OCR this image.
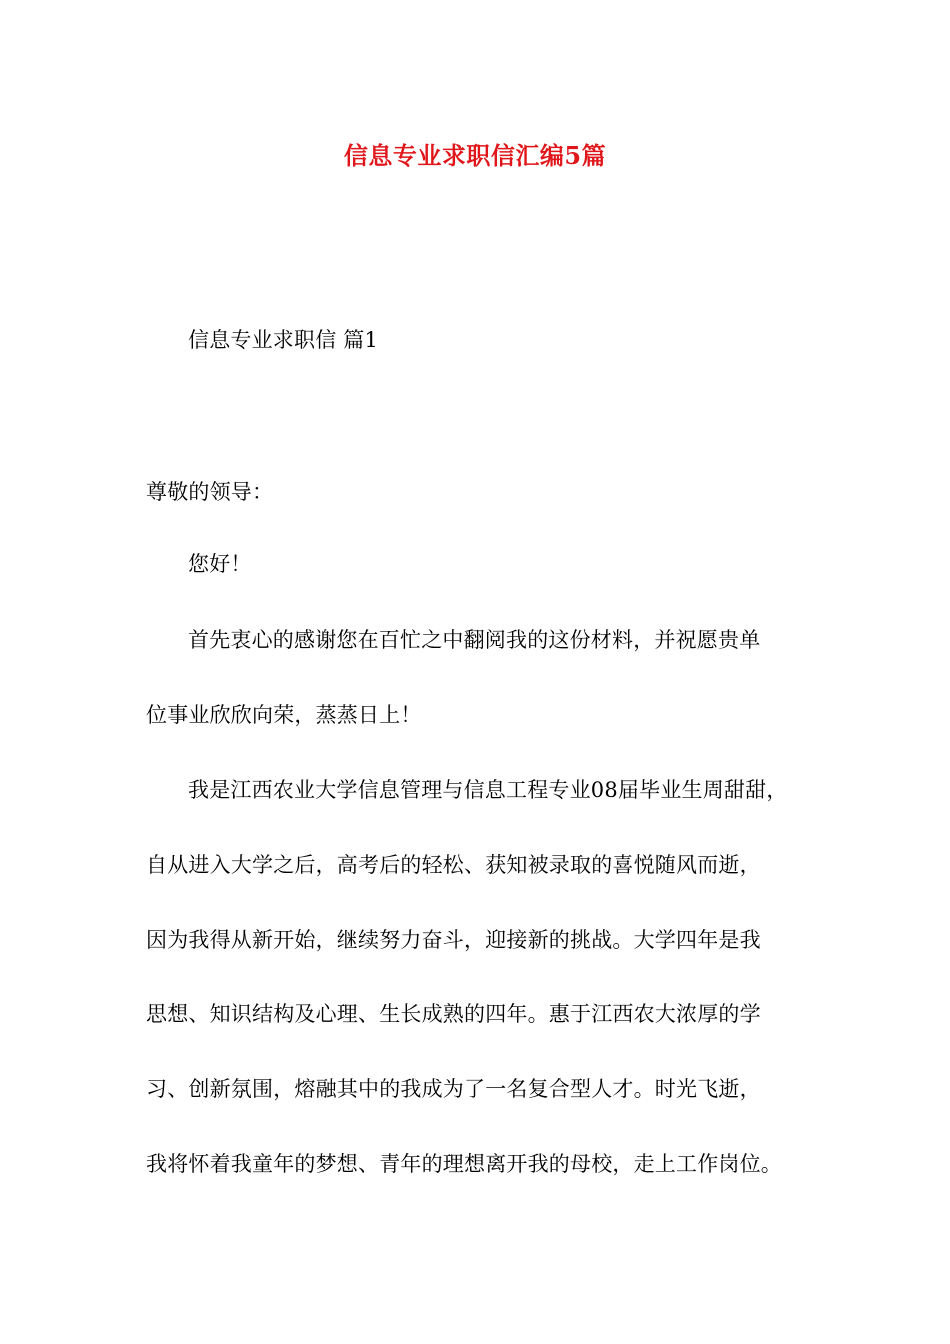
信息专业求职信汇编5篇
信息专业求职信 篇1
尊敬的领导：
您好！
首先衷心的感谢您在百忙之中翻阅我的这份材料，并祝愿贵单
位事业欣欣向荣，蒸蒸日上！
我是江西农业大学信息管理与信息工程专业08届毕业生周甜甜，
自从进入大学之后，高考后的轻松、获知被录取的喜悦随风而逝，
因为我得从新开始，继续努力奋斗，迎接新的挑战。大学四年是我
思想、知识结构及心理、生长成熟的四年。惠于江西农大浓厚的学
习、创新氛围，熔融其中的我成为了一名复合型人才。时光飞逝，
我将怀着我童年的梦想、青年的理想离开我的母校，走上工作岗位。
